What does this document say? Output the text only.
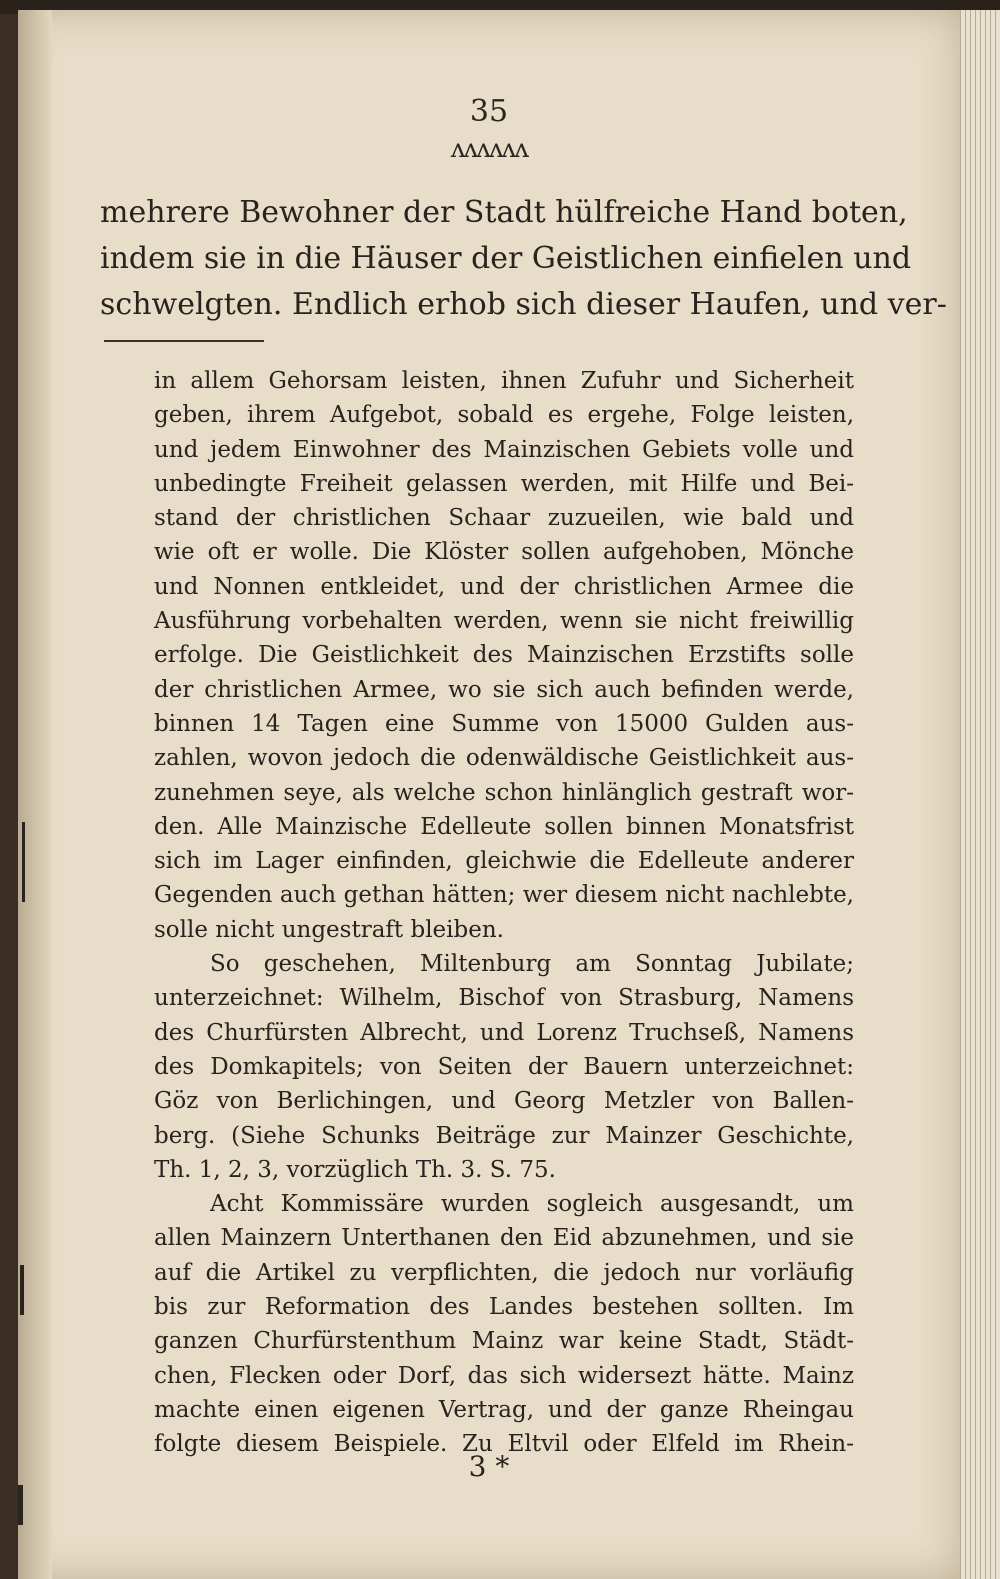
35
ᴧᴧᴧᴧᴧᴧ
mehrere Bewohner der Stadt hülfreiche Hand boten,
indem sie in die Häuser der Geistlichen einfielen und
schwelgten. Endlich erhob sich dieser Haufen, und ver-
in allem Gehorsam leisten, ihnen Zufuhr und Sicherheit
geben, ihrem Aufgebot, sobald es ergehe, Folge leisten,
und jedem Einwohner des Mainzischen Gebiets volle und
unbedingte Freiheit gelassen werden, mit Hilfe und Bei-
stand der christlichen Schaar zuzueilen, wie bald und
wie oft er wolle. Die Klöster sollen aufgehoben, Mönche
und Nonnen entkleidet, und der christlichen Armee die
Ausführung vorbehalten werden, wenn sie nicht freiwillig
erfolge. Die Geistlichkeit des Mainzischen Erzstifts solle
der christlichen Armee, wo sie sich auch befinden werde,
binnen 14 Tagen eine Summe von 15000 Gulden aus-
zahlen, wovon jedoch die odenwäldische Geistlichkeit aus-
zunehmen seye, als welche schon hinlänglich gestraft wor-
den. Alle Mainzische Edelleute sollen binnen Monatsfrist
sich im Lager einfinden, gleichwie die Edelleute anderer
Gegenden auch gethan hätten; wer diesem nicht nachlebte,
solle nicht ungestraft bleiben.
So geschehen, Miltenburg am Sonntag Jubilate;
unterzeichnet: Wilhelm, Bischof von Strasburg, Namens
des Churfürsten Albrecht, und Lorenz Truchseß, Namens
des Domkapitels; von Seiten der Bauern unterzeichnet:
Göz von Berlichingen, und Georg Metzler von Ballen-
berg. (Siehe Schunks Beiträge zur Mainzer Geschichte,
Th. 1, 2, 3, vorzüglich Th. 3. S. 75.
Acht Kommissäre wurden sogleich ausgesandt, um
allen Mainzern Unterthanen den Eid abzunehmen, und sie
auf die Artikel zu verpflichten, die jedoch nur vorläufig
bis zur Reformation des Landes bestehen sollten. Im
ganzen Churfürstenthum Mainz war keine Stadt, Städt-
chen, Flecken oder Dorf, das sich widersezt hätte. Mainz
machte einen eigenen Vertrag, und der ganze Rheingau
folgte diesem Beispiele. Zu Eltvil oder Elfeld im Rhein-
3 *
